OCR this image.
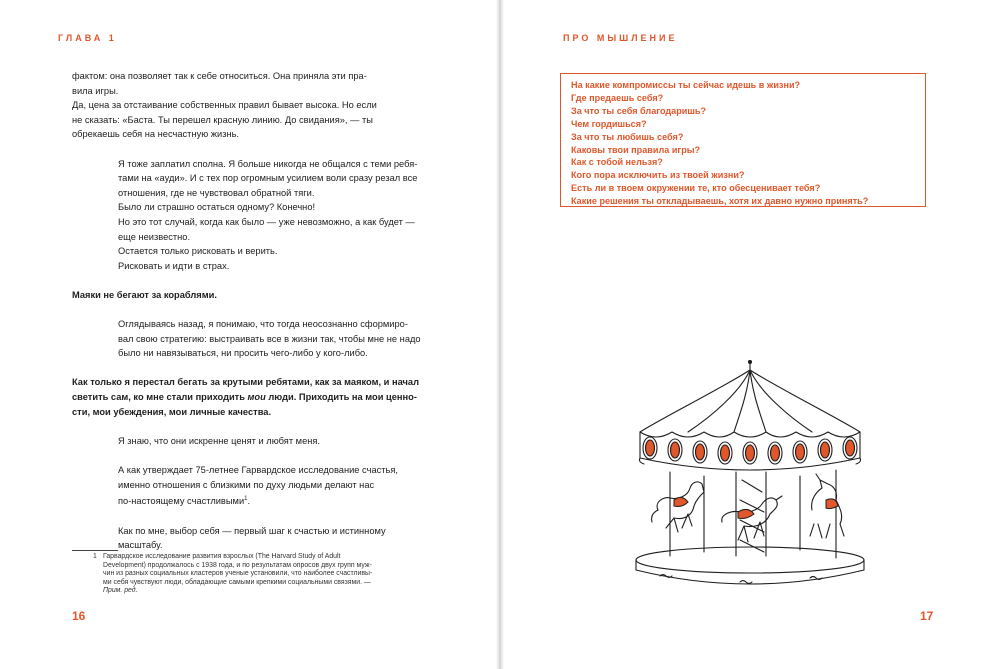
ГЛАВА 1

фактом: она позволяет так к себе относиться. Она приняла эти пра-
вила игры.
Да, цена за отстаивание собственных правил бывает высока. Но если
не сказать: «Баста. Ты перешел красную линию. До свидания», — ты
обрекаешь себя на несчастную жизнь.

Я тоже заплатил сполна. Я больше никогда не общался с теми ребя-
тами на «ауди». И с тех пор огромным усилием воли сразу резал все
отношения, где не чувствовал обратной тяги.
Было ли страшно остаться одному? Конечно!
Но это тот случай, когда как было — уже невозможно, а как будет —
еще неизвестно.
Остается только рисковать и верить.
Рисковать и идти в страх.

Маяки не бегают за кораблями.

Оглядываясь назад, я понимаю, что тогда неосознанно сформиро-
вал свою стратегию: выстраивать все в жизни так, чтобы мне не надо
было ни навязываться, ни просить чего-либо у кого-либо.

Как только я перестал бегать за крутыми ребятами, как за маяком, и начал
светить сам, ко мне стали приходить мои люди. Приходить на мои ценно-
сти, мои убеждения, мои личные качества.

Я знаю, что они искренне ценят и любят меня.

А как утверждает 75-летнее Гарвардское исследование счастья,
именно отношения с близкими по духу людьми делают нас
по-настоящему счастливыми$^1$.

Как по мне, выбор себя — первый шаг к счастью и истинному
масштабу.

1 Гарвардское исследование развития взрослых (The Harvard Study of Adult
Development) продолжалось с 1938 года, и по результатам опросов двух групп муж-
чин из разных социальных кластеров ученые установили, что наиболее счастливы-
ми себя чувствуют люди, обладающие самыми крепкими социальными связями. —
Прим. ред.
16
ПРО МЫШЛЕНИЕ
На какие компромиссы ты сейчас идешь в жизни?
Где предаешь себя?
За что ты себя благодаришь?
Чем гордишься?
За что ты любишь себя?
Каковы твои правила игры?
Как с тобой нельзя?
Кого пора исключить из твоей жизни?
Есть ли в твоем окружении те, кто обесценивает тебя?
Какие решения ты откладываешь, хотя их давно нужно принять?
17
